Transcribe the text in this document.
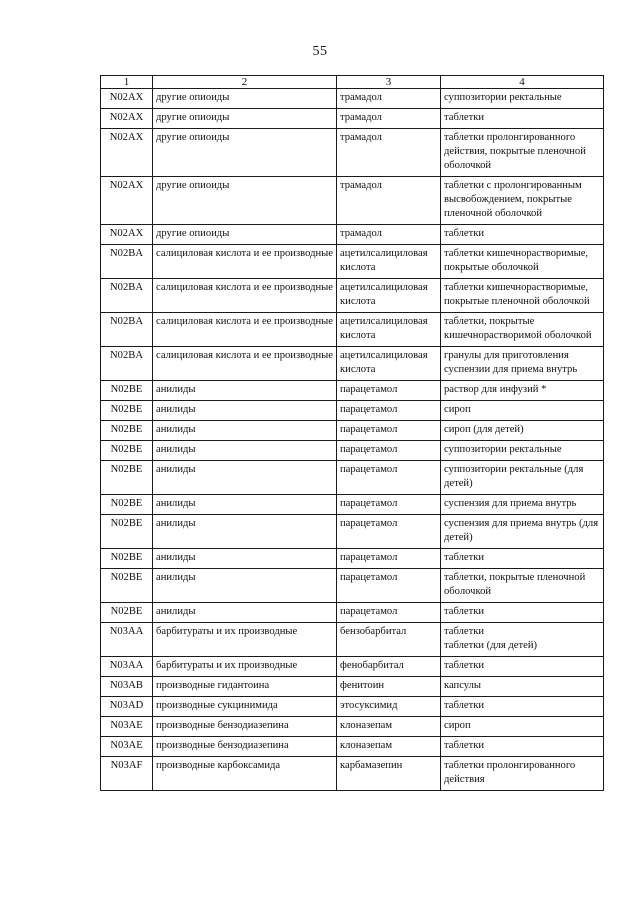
55
1	2	3	4
N02AX	другие опиоиды	трамадол	суппозитории ректальные
N02AX	другие опиоиды	трамадол	таблетки
N02AX	другие опиоиды	трамадол	таблетки пролонгированного действия, покрытые пленочной оболочкой
N02AX	другие опиоиды	трамадол	таблетки с пролонгированным высвобождением, покрытые пленочной оболочкой
N02AX	другие опиоиды	трамадол	таблетки
N02BA	салициловая кислота и ее производные	ацетилсалициловая кислота	таблетки кишечнорастворимые, покрытые оболочкой
N02BA	салициловая кислота и ее производные	ацетилсалициловая кислота	таблетки кишечнорастворимые, покрытые пленочной оболочкой
N02BA	салициловая кислота и ее производные	ацетилсалициловая кислота	таблетки, покрытые кишечнорастворимой оболочкой
N02BA	салициловая кислота и ее производные	ацетилсалициловая кислота	гранулы для приготовления суспензии для приема внутрь
N02BE	анилиды	парацетамол	раствор для инфузий *
N02BE	анилиды	парацетамол	сироп
N02BE	анилиды	парацетамол	сироп (для детей)
N02BE	анилиды	парацетамол	суппозитории ректальные
N02BE	анилиды	парацетамол	суппозитории ректальные (для детей)
N02BE	анилиды	парацетамол	суспензия для приема внутрь
N02BE	анилиды	парацетамол	суспензия для приема внутрь (для детей)
N02BE	анилиды	парацетамол	таблетки
N02BE	анилиды	парацетамол	таблетки, покрытые пленочной оболочкой
N02BE	анилиды	парацетамол	таблетки
N03AA	барбитураты и их производные	бензобарбитал	таблетки
таблетки (для детей)
N03AA	барбитураты и их производные	фенобарбитал	таблетки
N03AB	производные гидантоина	фенитоин	капсулы
N03AD	производные сукцинимида	этосуксимид	таблетки
N03AE	производные бензодиазепина	клоназепам	сироп
N03AE	производные бензодиазепина	клоназепам	таблетки
N03AF	производные карбоксамида	карбамазепин	таблетки пролонгированного действия
